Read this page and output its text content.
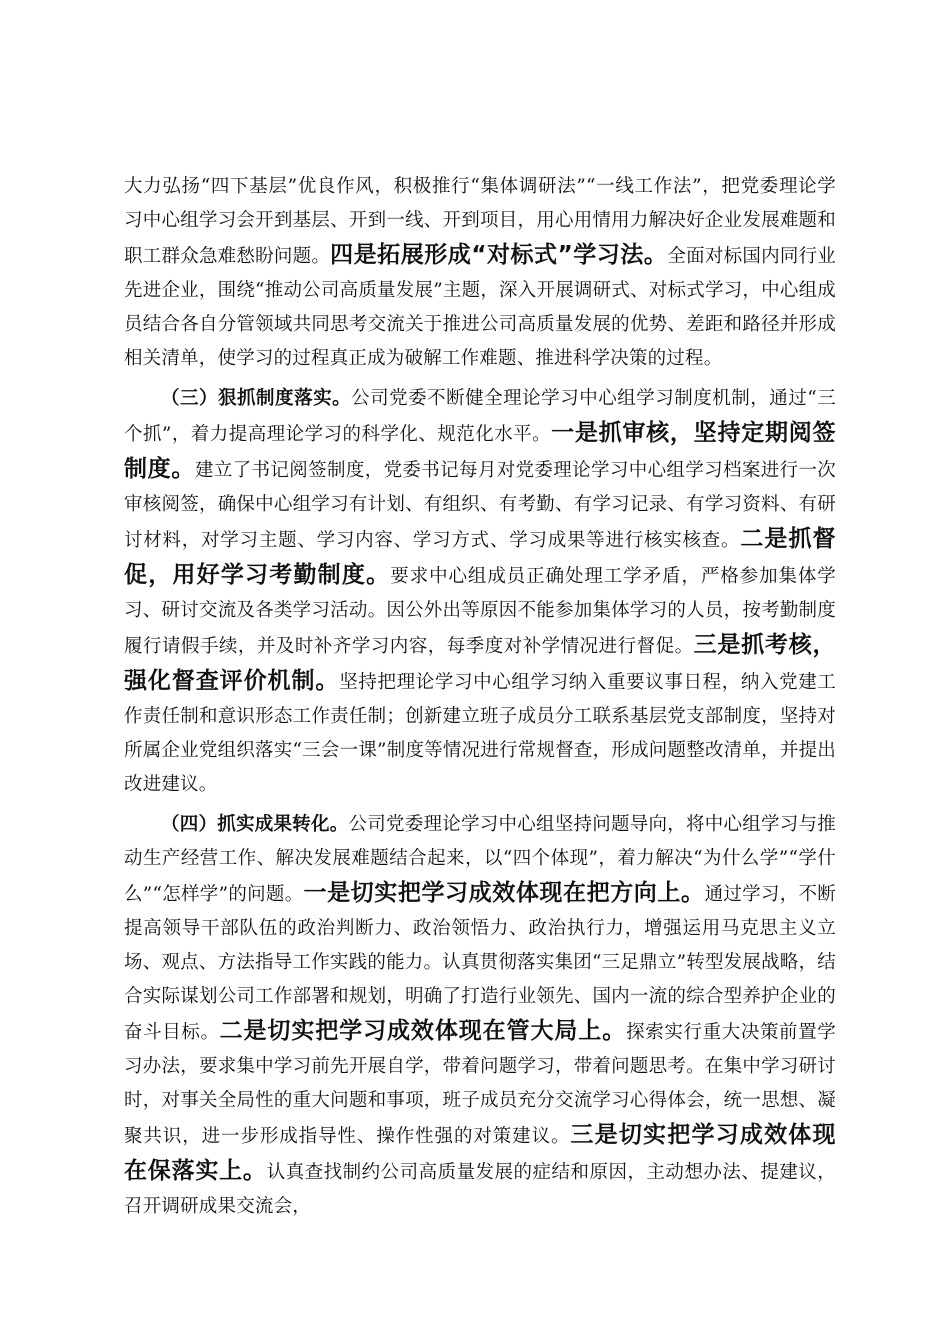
大力弘扬“四下基层”优良作风，积极推行“集体调研法”“一线工作法”，把党委理论学习中心组学习会开到基层、开到一线、开到项目，用心用情用力解决好企业发展难题和职工群众急难愁盼问题。四是拓展形成“对标式”学习法。全面对标国内同行业先进企业，围绕“推动公司高质量发展”主题，深入开展调研式、对标式学习，中心组成员结合各自分管领域共同思考交流关于推进公司高质量发展的优势、差距和路径并形成相关清单，使学习的过程真正成为破解工作难题、推进科学决策的过程。

（三）狠抓制度落实。公司党委不断健全理论学习中心组学习制度机制，通过“三个抓”，着力提高理论学习的科学化、规范化水平。一是抓审核，坚持定期阅签制度。建立了书记阅签制度，党委书记每月对党委理论学习中心组学习档案进行一次审核阅签，确保中心组学习有计划、有组织、有考勤、有学习记录、有学习资料、有研讨材料，对学习主题、学习内容、学习方式、学习成果等进行核实核查。二是抓督促，用好学习考勤制度。要求中心组成员正确处理工学矛盾，严格参加集体学习、研讨交流及各类学习活动。因公外出等原因不能参加集体学习的人员，按考勤制度履行请假手续，并及时补齐学习内容，每季度对补学情况进行督促。三是抓考核，强化督查评价机制。坚持把理论学习中心组学习纳入重要议事日程，纳入党建工作责任制和意识形态工作责任制；创新建立班子成员分工联系基层党支部制度，坚持对所属企业党组织落实“三会一课”制度等情况进行常规督查，形成问题整改清单，并提出改进建议。

（四）抓实成果转化。公司党委理论学习中心组坚持问题导向，将中心组学习与推动生产经营工作、解决发展难题结合起来，以“四个体现”，着力解决“为什么学”“学什么”“怎样学”的问题。一是切实把学习成效体现在把方向上。通过学习，不断提高领导干部队伍的政治判断力、政治领悟力、政治执行力，增强运用马克思主义立场、观点、方法指导工作实践的能力。认真贯彻落实集团“三足鼎立”转型发展战略，结合实际谋划公司工作部署和规划，明确了打造行业领先、国内一流的综合型养护企业的奋斗目标。二是切实把学习成效体现在管大局上。探索实行重大决策前置学习办法，要求集中学习前先开展自学，带着问题学习，带着问题思考。在集中学习研讨时，对事关全局性的重大问题和事项，班子成员充分交流学习心得体会，统一思想、凝聚共识，进一步形成指导性、操作性强的对策建议。三是切实把学习成效体现在保落实上。认真查找制约公司高质量发展的症结和原因，主动想办法、提建议，召开调研成果交流会，
